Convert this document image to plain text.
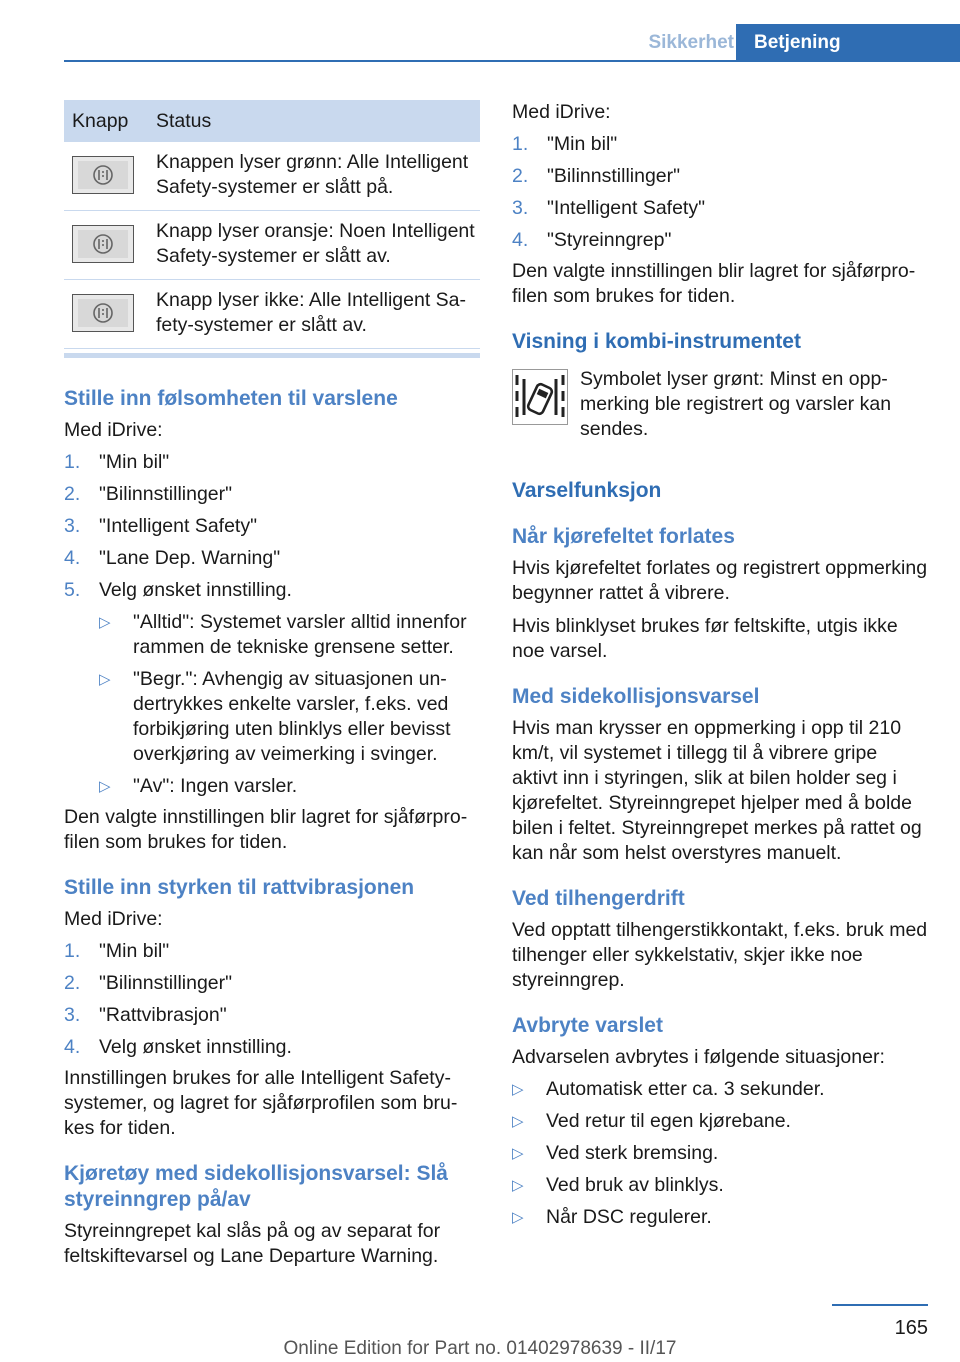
Sikkerhet	Betjening
Knapp	Status

	Knappen lyser grønn: Alle Intelligent Safety-systemer er slått på.

	Knapp lyser oransje: Noen Intelligent Safety-systemer er slått av.

	Knapp lyser ikke: Alle Intelligent Safety-systemer er slått av.
Stille inn følsomheten til varslene

Med iDrive:

1. "Min bil"
2. "Bilinnstillinger"
3. "Intelligent Safety"
4. "Lane Dep. Warning"
5. Velg ønsket innstilling.
▷ "Alltid": Systemet varsler alltid innenfor rammen de tekniske grensene setter.
▷ "Begr.": Avhengig av situasjonen undertrykkes enkelte varsler, f.eks. ved forbikjøring uten blinklys eller bevisst overkjøring av veimerking i svinger.
▷ "Av": Ingen varsler.

Den valgte innstillingen blir lagret for sjåførprofilen som brukes for tiden.

Stille inn styrken til rattvibrasjonen

Med iDrive:

1. "Min bil"
2. "Bilinnstillinger"
3. "Rattvibrasjon"
4. Velg ønsket innstilling.

Innstillingen brukes for alle Intelligent Safety-systemer, og lagret for sjåførprofilen som brukes for tiden.

Kjøretøy med sidekollisjonsvarsel: Slå styreinngrep på/av

Styreinngrepet kal slås på og av separat for feltskiftevarsel og Lane Departure Warning.

Med iDrive:

1. "Min bil"
2. "Bilinnstillinger"
3. "Intelligent Safety"
4. "Styreinngrep"

Den valgte innstillingen blir lagret for sjåførprofilen som brukes for tiden.

Visning i kombi-instrumentet

Symbolet lyser grønt: Minst en oppmerking ble registrert og varsler kan sendes.

Varselfunksjon
Når kjørefeltet forlates

Hvis kjørefeltet forlates og registrert oppmerking begynner rattet å vibrere.

Hvis blinklyset brukes før feltskifte, utgis ikke noe varsel.

Med sidekollisjonsvarsel

Hvis man krysser en oppmerking i opp til 210 km/t, vil systemet i tillegg til å vibrere gripe aktivt inn i styringen, slik at bilen holder seg i kjørefeltet. Styreinngrepet hjelper med å bolde bilen i feltet. Styreinngrepet merkes på rattet og kan når som helst overstyres manuelt.

Ved tilhengerdrift

Ved opptatt tilhengerstikkontakt, f.eks. bruk med tilhenger eller sykkelstativ, skjer ikke noe styreinngrep.

Avbryte varslet

Advarselen avbrytes i følgende situasjoner:

▷ Automatisk etter ca. 3 sekunder.
▷ Ved retur til egen kjørebane.
▷ Ved sterk bremsing.
▷ Ved bruk av blinklys.
▷ Når DSC regulerer.
165
Online Edition for Part no. 01402978639 - II/17
